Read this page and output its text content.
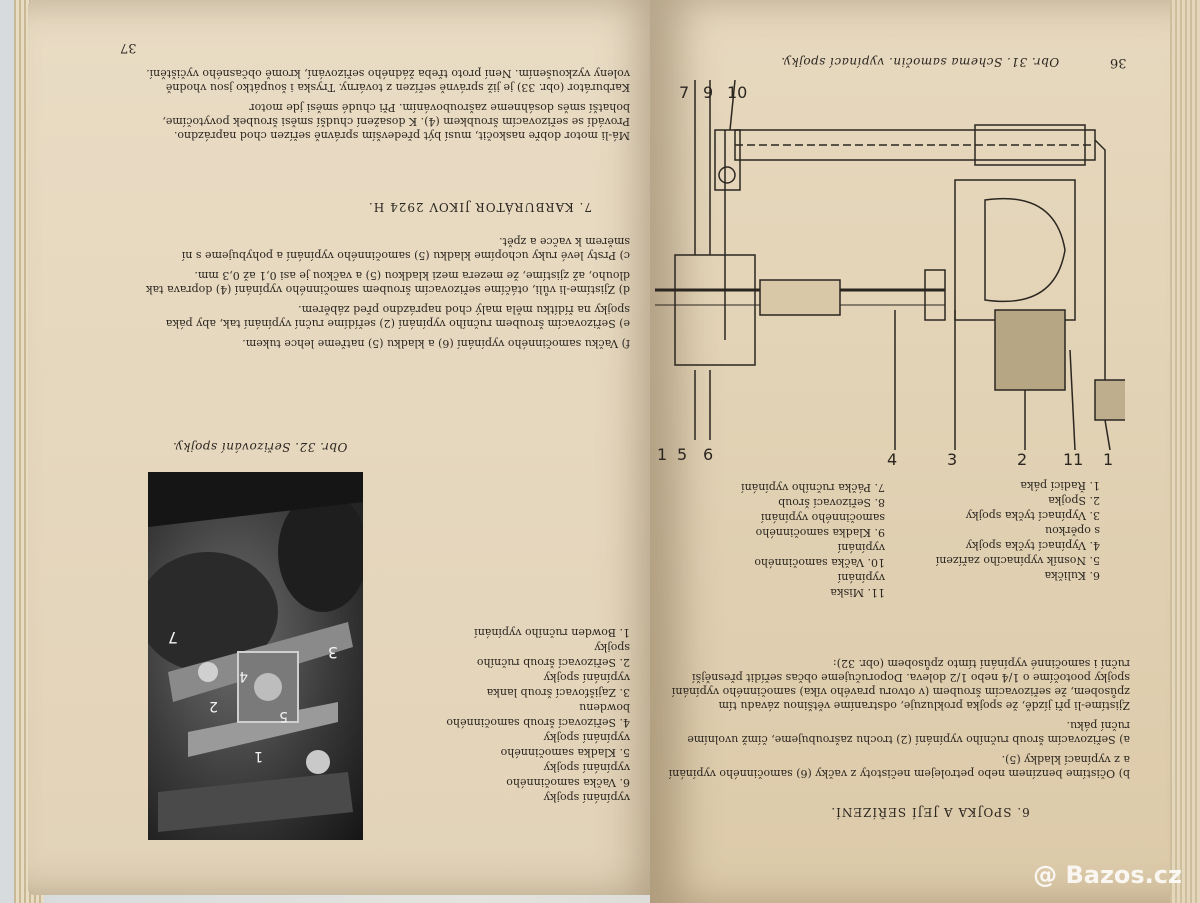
37

Má-li motor dobře naskočit, musí být především správně seřízen chod naprázdno. Provádí se seřizovacím šroubkem (4). K dosažení chudší směsi šroubek povytočíme, bohatší směs dosáhneme zašroubováním. Při chudé směsi jde motor

Karburátor (obr. 33) je již správně seřízen z továrny. Tryska i šoupátko jsou vhodně voleny vyzkoušením. Není proto třeba žádného seřizování, kromě občasného vyčištění.

7. KARBURÁTOR JIKOV 2924 H.

f) Vačku samočinného vypínání (6) a kladku (5) natřeme lehce tukem.

e) Seřizovacím šroubem ručního vypínání (2) seřídíme ruční vypínání tak, aby páka spojky na řídítku měla malý chod naprázdno před záběrem.

d) Zjistíme-li vůli, otáčíme seřizovacím šroubem samočinného vypínání (4) doprava tak dlouho, až zjistíme, že mezera mezi kladkou (5) a vačkou je asi 0,1 až 0,3 mm.

c) Prsty levé ruky uchopíme kladku (5) samočinného vypínání a pohybujeme s ní směrem k vačce a zpět.

Obr. 32. Seřizování spojky.
3
2
1
4
5
7
vypínání spojky
6. Vačka samočinného
vypínání spojky
5. Kladka samočinného
vypínání spojky
4. Seřizovací šroub samočinného
bowdenu
3. Zajišťovací šroub lanka
vypínání spojky
2. Seřizovací šroub ručního
spojky
1. Bowden ručního vypínání
36
Obr. 31. Schema samočin. vypínací spojky.
7 9 10
1 5 6	4	3	2 11 1
11. Miska
vypínání
10. Vačka samočinného
vypínání
9. Kladka samočinného
samočinného vypínání
8. Seřizovací šroub
7. Páčka ručního vypínání
6. Kulička
5. Nosník vypínacího zařízení
4. Vypínací tyčka spojky
s opěrkou
3. Vypínací tyčka spojky
2. Spojka
1. Řadicí páka

b) Očistíme benzínem nebo petrolejem nečistoty z vačky (6) samočinného vypínání a z vypínací kladky (5).

a) Seřizovacím šroub ručního vypínání (2) trochu zašroubujeme, čímž uvolníme ruční páku.

Zjistíme-li při jízdě, že spojka prokluzuje, odstraníme většinou závadu tím způsobem, že seřizovacím šroubem (v otvoru pravého víka) samočinného vypínání spojky pootočíme o 1/4 nebo 1/2 doleva. Doporučujeme občas seřídit přesnější ruční i samočinné vypínání tímto způsobem (obr. 32):

6. SPOJKA A JEJÍ SEŘÍZENÍ.
@ Bazos.cz
